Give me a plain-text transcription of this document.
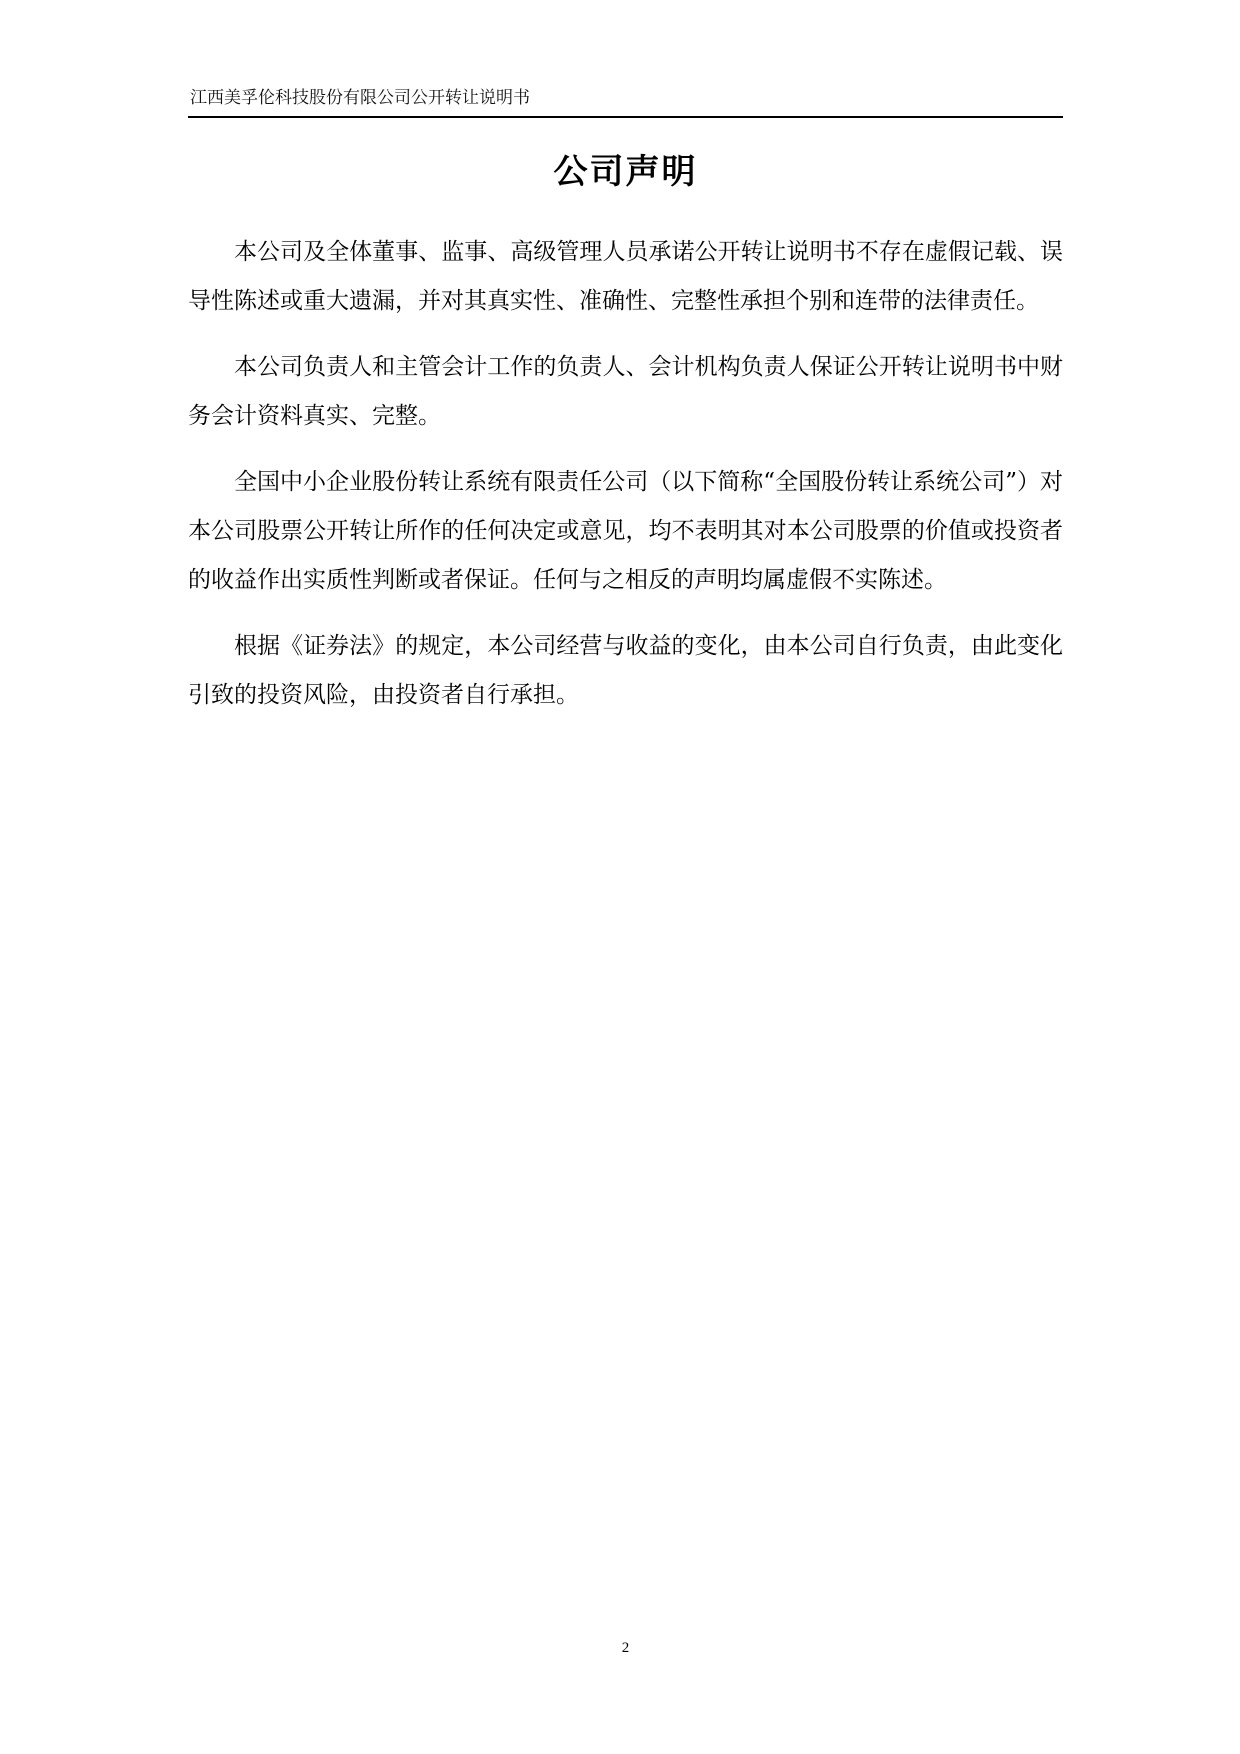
江西美孚伦科技股份有限公司公开转让说明书
公司声明

本公司及全体董事、监事、高级管理人员承诺公开转让说明书不存在虚假记载、误导性陈述或重大遗漏，并对其真实性、准确性、完整性承担个别和连带的法律责任。

本公司负责人和主管会计工作的负责人、会计机构负责人保证公开转让说明书中财务会计资料真实、完整。

全国中小企业股份转让系统有限责任公司（以下简称“全国股份转让系统公司”）对本公司股票公开转让所作的任何决定或意见，均不表明其对本公司股票的价值或投资者的收益作出实质性判断或者保证。任何与之相反的声明均属虚假不实陈述。

根据《证券法》的规定，本公司经营与收益的变化，由本公司自行负责，由此变化引致的投资风险，由投资者自行承担。

2
